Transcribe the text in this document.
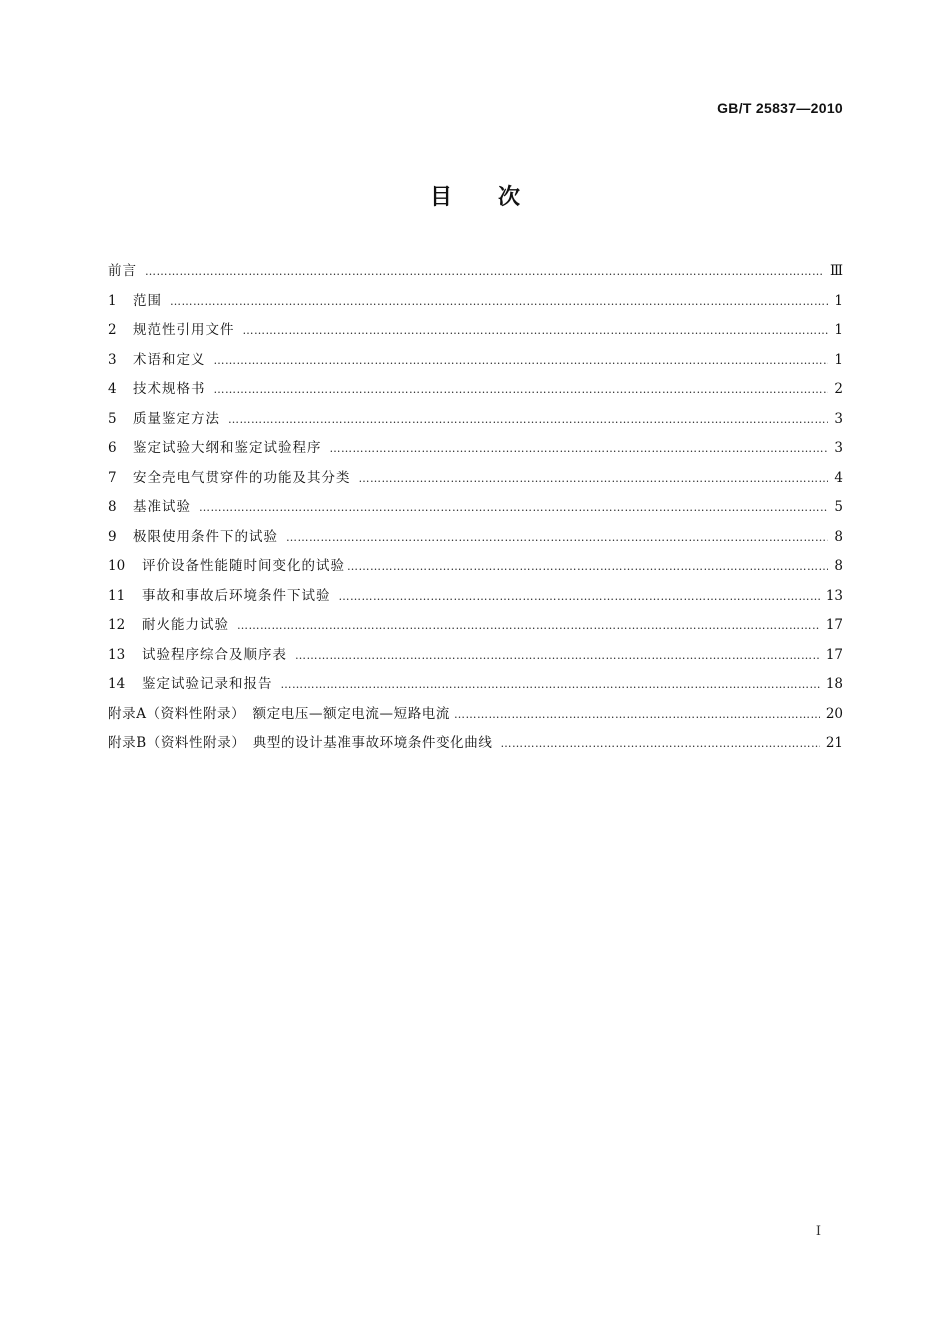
GB/T 25837—2010
目次
前言 …………………………………………………………………………………………………………………………………………………………………………………………………………………………………………………………	Ⅲ
1	范围 …………………………………………………………………………………………………………………………………………………………………………………………………………………………………………………………	1
2	规范性引用文件 …………………………………………………………………………………………………………………………………………………………………………………………………………………………………………………………	1
3	术语和定义 …………………………………………………………………………………………………………………………………………………………………………………………………………………………………………………………	1
4	技术规格书 …………………………………………………………………………………………………………………………………………………………………………………………………………………………………………………………	2
5	质量鉴定方法 …………………………………………………………………………………………………………………………………………………………………………………………………………………………………………………………	3
6	鉴定试验大纲和鉴定试验程序 …………………………………………………………………………………………………………………………………………………………………………………………………………………………………………………………	3
7	安全壳电气贯穿件的功能及其分类 …………………………………………………………………………………………………………………………………………………………………………………………………………………………………………………………	4
8	基准试验 …………………………………………………………………………………………………………………………………………………………………………………………………………………………………………………………	5
9	极限使用条件下的试验 …………………………………………………………………………………………………………………………………………………………………………………………………………………………………………………………	8
10	评价设备性能随时间变化的试验 …………………………………………………………………………………………………………………………………………………………………………………………………………………………………………………………	8
11	事故和事故后环境条件下试验 …………………………………………………………………………………………………………………………………………………………………………………………………………………………………………………………	13
12	耐火能力试验 …………………………………………………………………………………………………………………………………………………………………………………………………………………………………………………………	17
13	试验程序综合及顺序表 …………………………………………………………………………………………………………………………………………………………………………………………………………………………………………………………	17
14	鉴定试验记录和报告 …………………………………………………………………………………………………………………………………………………………………………………………………………………………………………………………	18
附录A（资料性附录）　额定电压—额定电流—短路电流 …………………………………………………………………………………………………………………………………………………………………………………………………………………………………………………………	20
附录B（资料性附录）　典型的设计基准事故环境条件变化曲线 …………………………………………………………………………………………………………………………………………………………………………………………………………………………………………………………	21
I
